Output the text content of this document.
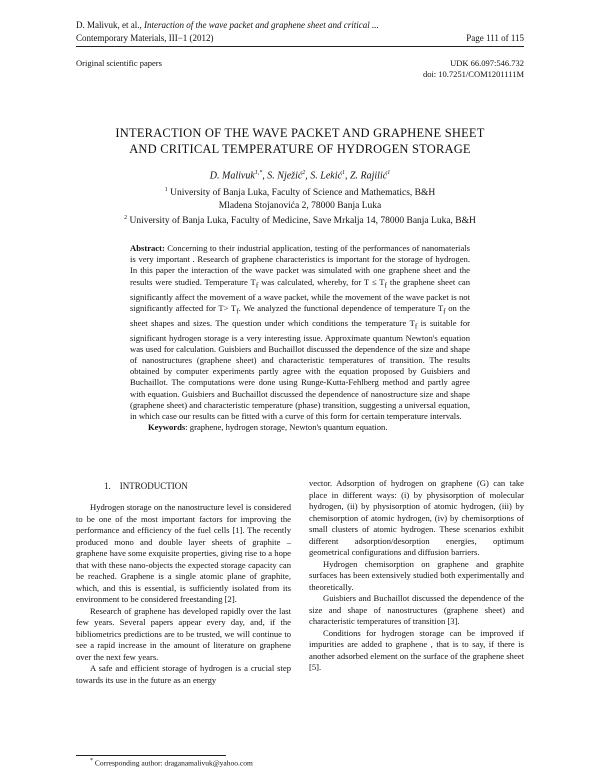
D. Malivuk, et al., Interaction of the wave packet and graphene sheet and critical ...
Contemporary Materials, III−1 (2012)	Page 111 of 115
Original scientific papers	UDK 66.097:546.732
doi: 10.7251/COM1201111M
INTERACTION OF THE WAVE PACKET AND GRAPHENE SHEET
AND CRITICAL TEMPERATURE OF HYDROGEN STORAGE
D. Malivuk$^{1,*}$, S. Nježić$^2$, S. Lekić$^1$, Z. Rajilić$^1$
$^1$ University of Banja Luka, Faculty of Science and Mathematics, B&H
Mladena Stojanovića 2, 78000 Banja Luka
$^2$ University of Banja Luka, Faculty of Medicine, Save Mrkalja 14, 78000 Banja Luka, B&H
Abstract: Concerning to their industrial application, testing of the performances of nanomaterials is very important . Research of graphene characteristics is important for the storage of hydrogen. In this paper the interaction of the wave packet was simulated with one graphene sheet and the results were studied. Temperature $T_f$ was calculated, whereby, for $T \le T_f$ the graphene sheet can significantly affect the movement of a wave packet, while the movement of the wave packet is not significantly affected for $T> T_f$. We analyzed the functional dependence of temperature $T_f$ on the sheet shapes and sizes. The question under which conditions the temperature $T_f$ is suitable for significant hydrogen storage is a very interesting issue. Approximate quantum Newton's equation was used for calculation. Guisbiers and Buchaillot discussed the dependence of the size and shape of nanostructures (graphene sheet) and characteristic temperatures of transition. The results obtained by computer experiments partly agree with the equation proposed by Guisbiers and Buchaillot. The computations were done using Runge-Kutta-Fehlberg method and partly agree with equation. Guisbiers and Buchaillot discussed the dependence of nanostructure size and shape (graphene sheet) and characteristic temperature (phase) transition, suggesting a universal equation, in which case our results can be fitted with a curve of this form for certain temperature intervals.
Keywords: graphene, hydrogen storage, Newton's quantum equation.
1. INTRODUCTION

Hydrogen storage on the nanostructure level is considered to be one of the most important factors for improving the performance and efficiency of the fuel cells [1]. The recently produced mono and double layer sheets of graphite – graphene have some exquisite properties, giving rise to a hope that with these nano-objects the expected storage capacity can be reached. Graphene is a single atomic plane of graphite, which, and this is essential, is sufficiently isolated from its environment to be considered freestanding [2].

Research of graphene has developed rapidly over the last few years. Several papers appear every day, and, if the bibliometrics predictions are to be trusted, we will continue to see a rapid increase in the amount of literature on graphene over the next few years.

A safe and efficient storage of hydrogen is a crucial step towards its use in the future as an energy

vector. Adsorption of hydrogen on graphene (G) can take place in different ways: (i) by physisorption of molecular hydrogen, (ii) by physisorption of atomic hydrogen, (iii) by chemisorption of atomic hydrogen, (iv) by chemisorptions of small clusters of atomic hydrogen. These scenarios exhibit different adsorption/desorption energies, optimum geometrical configurations and diffusion barriers.

Hydrogen chemisorption on graphene and graphite surfaces has been extensively studied both experimentally and theoretically.

Guisbiers and Buchaillot discussed the dependence of the size and shape of nanostructures (graphene sheet) and characteristic temperatures of transition [3].

Conditions for hydrogen storage can be improved if impurities are added to graphene , that is to say, if there is another adsorbed element on the surface of the graphene sheet [5].

* Corresponding author: draganamalivuk@yahoo.com
